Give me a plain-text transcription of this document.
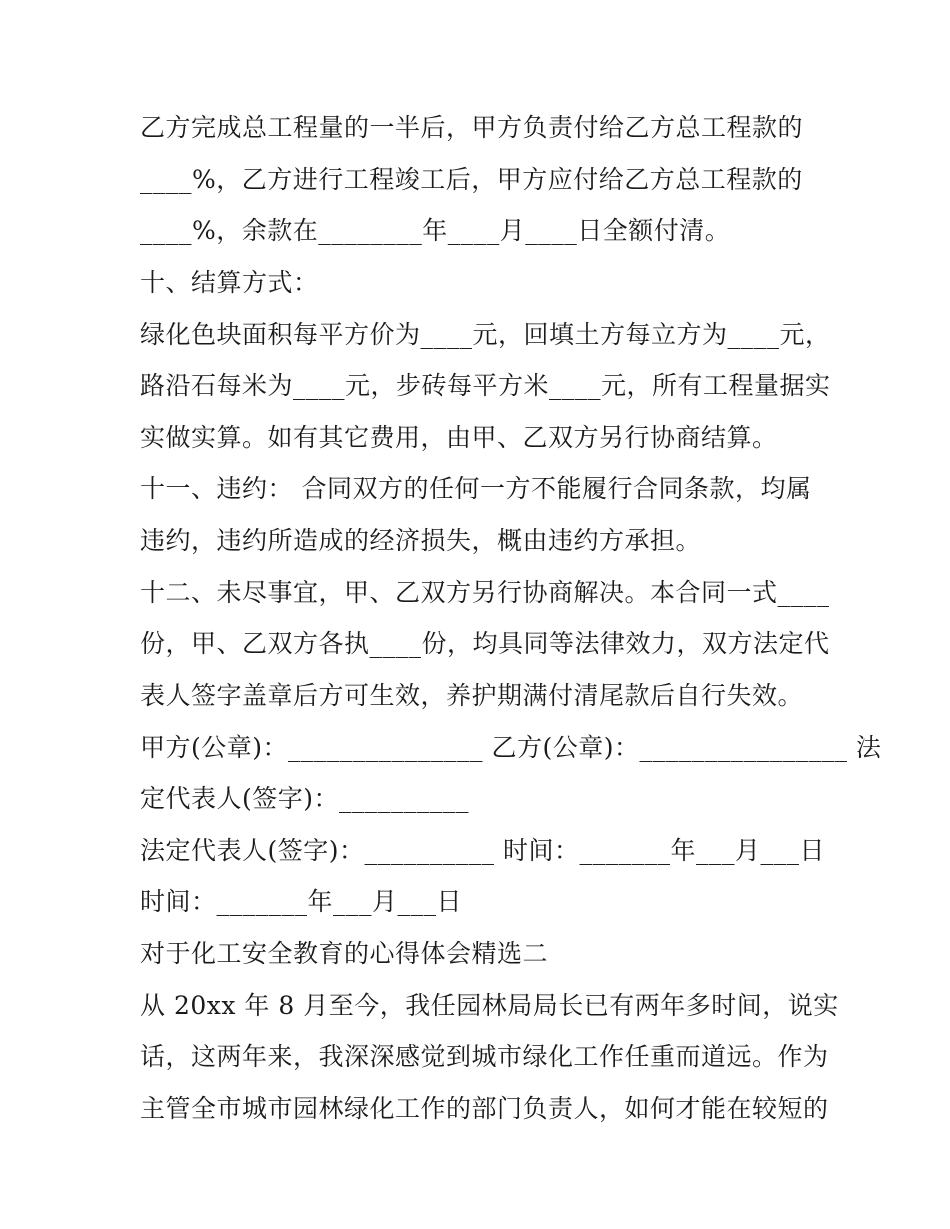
乙方完成总工程量的一半后，甲方负责付给乙方总工程款的
____%，乙方进行工程竣工后，甲方应付给乙方总工程款的
____%，余款在________年____月____日全额付清。
十、结算方式：
绿化色块面积每平方价为____元，回填土方每立方为____元，
路沿石每米为____元，步砖每平方米____元，所有工程量据实
实做实算。如有其它费用，由甲、乙双方另行协商结算。
十一、违约： 合同双方的任何一方不能履行合同条款，均属
违约，违约所造成的经济损失，概由违约方承担。
十二、未尽事宜，甲、乙双方另行协商解决。本合同一式____
份，甲、乙双方各执____份，均具同等法律效力，双方法定代
表人签字盖章后方可生效，养护期满付清尾款后自行失效。
甲方(公章)：_______________ 乙方(公章)：________________ 法
定代表人(签字)：__________
法定代表人(签字)：__________ 时间：_______年___月___日
时间：_______年___月___日
对于化工安全教育的心得体会精选二
从 20xx 年 8 月至今，我任园林局局长已有两年多时间，说实
话，这两年来，我深深感觉到城市绿化工作任重而道远。作为
主管全市城市园林绿化工作的部门负责人，如何才能在较短的
